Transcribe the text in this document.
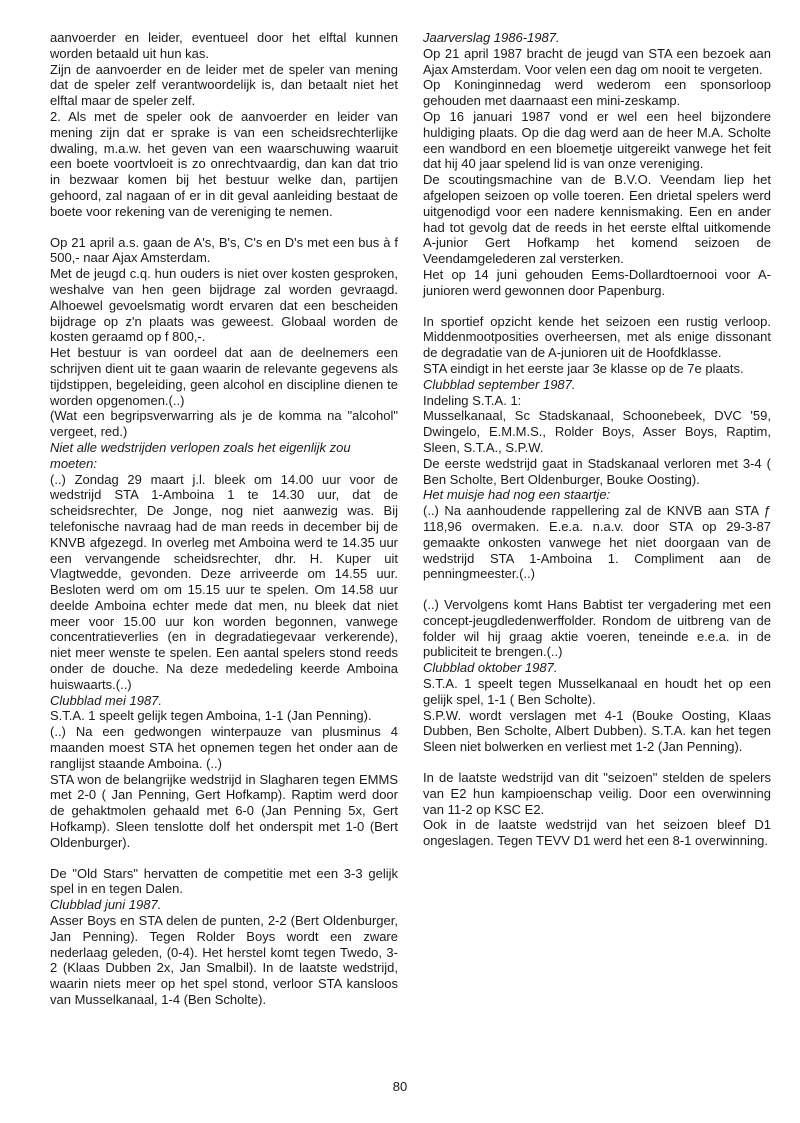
aanvoerder en leider, eventueel door het elftal kunnen worden betaald uit hun kas.
Zijn de aanvoerder en de leider met de speler van mening dat de speler zelf verantwoordelijk is, dan betaalt niet het elftal maar de speler zelf.
2. Als met de speler ook de aanvoerder en leider van mening zijn dat er sprake is van een scheidsrechterlijke dwaling, m.a.w. het geven van een waarschuwing waaruit een boete voortvloeit is zo onrechtvaardig, dan kan dat trio in bezwaar komen bij het bestuur welke dan, partijen gehoord, zal nagaan of er in dit geval aanleiding bestaat de boete voor rekening van de vereniging te nemen.

Op 21 april a.s. gaan de A's, B's, C's en D's met een bus à f 500,- naar Ajax Amsterdam.
Met de jeugd c.q. hun ouders is niet over kosten gesproken, weshalve van hen geen bijdrage zal worden gevraagd. Alhoewel gevoelsmatig wordt ervaren dat een bescheiden bijdrage op z'n plaats was geweest. Globaal worden de kosten geraamd op f 800,-.
Het bestuur is van oordeel dat aan de deelnemers een schrijven dient uit te gaan waarin de relevante gegevens als tijdstippen, begeleiding, geen alcohol en discipline dienen te worden opgenomen.(..)
(Wat een begripsverwarring als je de komma na "alcohol" vergeet, red.)

Niet alle wedstrijden verlopen zoals het eigenlijk zou moeten:

(..) Zondag 29 maart j.l. bleek om 14.00 uur voor de wedstrijd STA 1-Amboina 1 te 14.30 uur, dat de scheidsrechter, De Jonge, nog niet aanwezig was. Bij telefonische navraag had de man reeds in december bij de KNVB afgezegd. In overleg met Amboina werd te 14.35 uur een vervangende scheidsrechter, dhr. H. Kuper uit Vlagtwedde, gevonden. Deze arriveerde om 14.55 uur. Besloten werd om om 15.15 uur te spelen. Om 14.58 uur deelde Amboina echter mede dat men, nu bleek dat niet meer voor 15.00 uur kon worden begonnen, vanwege concentratieverlies (en in degradatiegevaar verkerende), niet meer wenste te spelen. Een aantal spelers stond reeds onder de douche. Na deze mededeling keerde Amboina huiswaarts.(..)

Clubblad mei 1987.

S.T.A. 1 speelt gelijk tegen Amboina, 1-1 (Jan Penning).
(..) Na een gedwongen winterpauze van plusminus 4 maanden moest STA het opnemen tegen het onder aan de ranglijst staande Amboina. (..)
STA won de belangrijke wedstrijd in Slagharen tegen EMMS met 2-0 ( Jan Penning, Gert Hofkamp). Raptim werd door de gehaktmolen gehaald met 6-0 (Jan Penning 5x, Gert Hofkamp). Sleen tenslotte dolf het onderspit met 1-0 (Bert Oldenburger).

De "Old Stars" hervatten de competitie met een 3-3 gelijk spel in en tegen Dalen.

Clubblad juni 1987.

Asser Boys en STA delen de punten, 2-2 (Bert Oldenburger, Jan Penning). Tegen Rolder Boys wordt een zware nederlaag geleden, (0-4). Het herstel komt tegen Twedo, 3-2 (Klaas Dubben 2x, Jan Smalbil). In de laatste wedstrijd, waarin niets meer op het spel stond, verloor STA kansloos van Musselkanaal, 1-4 (Ben Scholte).

Jaarverslag 1986-1987.

Op 21 april 1987 bracht de jeugd van STA een bezoek aan Ajax Amsterdam. Voor velen een dag om nooit te vergeten.
Op Koninginnedag werd wederom een sponsorloop gehouden met daarnaast een mini-zeskamp.
Op 16 januari 1987 vond er wel een heel bijzondere huldiging plaats. Op die dag werd aan de heer M.A. Scholte een wandbord en een bloemetje uitgereikt vanwege het feit dat hij 40 jaar spelend lid is van onze vereniging.
De scoutingsmachine van de B.V.O. Veendam liep het afgelopen seizoen op volle toeren. Een drietal spelers werd uitgenodigd voor een nadere kennismaking. Een en ander had tot gevolg dat de reeds in het eerste elftal uitkomende A-junior Gert Hofkamp het komend seizoen de Veendamgelederen zal versterken.
Het op 14 juni gehouden Eems-Dollardtoernooi voor A-junioren werd gewonnen door Papenburg.

In sportief opzicht kende het seizoen een rustig verloop. Middenmootposities overheersen, met als enige dissonant de degradatie van de A-junioren uit de Hoofdklasse.
STA eindigt in het eerste jaar 3e klasse op de 7e plaats.

Clubblad september 1987.

Indeling S.T.A. 1:
Musselkanaal, Sc Stadskanaal, Schoonebeek, DVC '59, Dwingelo, E.M.M.S., Rolder Boys, Asser Boys, Raptim, Sleen, S.T.A., S.P.W.
De eerste wedstrijd gaat in Stadskanaal verloren met 3-4 ( Ben Scholte, Bert Oldenburger, Bouke Oosting).

Het muisje had nog een staartje:

(..) Na aanhoudende rappellering zal de KNVB aan STA ƒ 118,96 overmaken. E.e.a. n.a.v. door STA op 29-3-87 gemaakte onkosten vanwege het niet doorgaan van de wedstrijd STA 1-Amboina 1. Compliment aan de penningmeester.(..)

(..) Vervolgens komt Hans Babtist ter vergadering met een concept-jeugdledenwerffolder. Rondom de uitbreng van de folder wil hij graag aktie voeren, teneinde e.e.a. in de publiciteit te brengen.(..)

Clubblad oktober 1987.

S.T.A. 1 speelt tegen Musselkanaal en houdt het op een gelijk spel, 1-1 ( Ben Scholte).
S.P.W. wordt verslagen met 4-1 (Bouke Oosting, Klaas Dubben, Ben Scholte, Albert Dubben). S.T.A. kan het tegen Sleen niet bolwerken en verliest met 1-2 (Jan Penning).

In de laatste wedstrijd van dit "seizoen" stelden de spelers van E2 hun kampioenschap veilig. Door een overwinning van 11-2 op KSC E2.
Ook in de laatste wedstrijd van het seizoen bleef D1 ongeslagen. Tegen TEVV D1 werd het een 8-1 overwinning.

80
